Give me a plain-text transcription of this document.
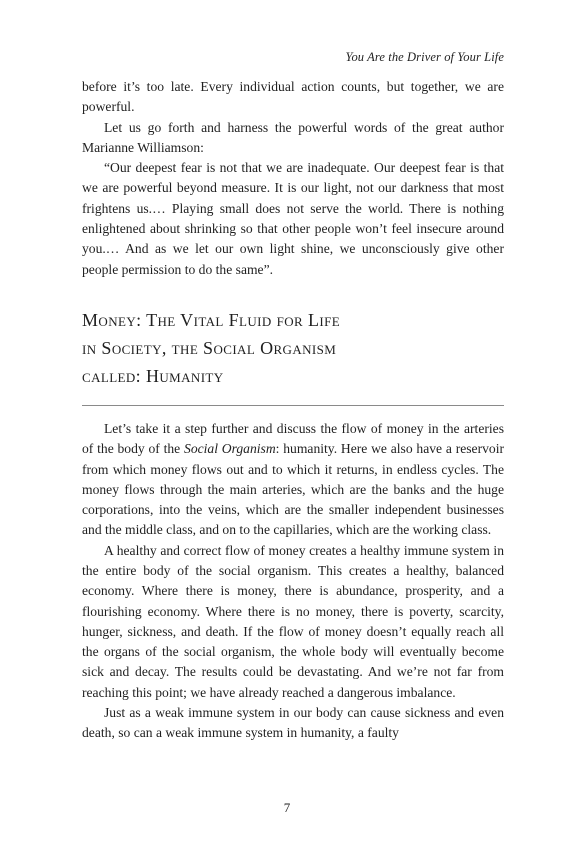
You Are the Driver of Your Life

before it’s too late. Every individual action counts, but together, we are powerful.

Let us go forth and harness the powerful words of the great author Marianne Williamson:

“Our deepest fear is not that we are inadequate. Our deepest fear is that we are powerful beyond measure. It is our light, not our darkness that most frightens us.… Playing small does not serve the world. There is nothing enlightened about shrinking so that other people won’t feel insecure around you.… And as we let our own light shine, we unconsciously give other people permission to do the same”.

Money: The Vital Fluid for Life
in Society, the Social Organism
called: Humanity

Let’s take it a step further and discuss the flow of money in the arteries of the body of the Social Organism: humanity. Here we also have a reservoir from which money flows out and to which it returns, in endless cycles. The money flows through the main arteries, which are the banks and the huge corporations, into the veins, which are the smaller independent businesses and the middle class, and on to the capillaries, which are the working class.

A healthy and correct flow of money creates a healthy immune system in the entire body of the social organism. This creates a healthy, balanced economy. Where there is money, there is abundance, prosperity, and a flourishing economy. Where there is no money, there is poverty, scarcity, hunger, sickness, and death. If the flow of money doesn’t equally reach all the organs of the social organism, the whole body will eventually become sick and decay. The results could be devastating. And we’re not far from reaching this point; we have already reached a dangerous imbalance.

Just as a weak immune system in our body can cause sickness and even death, so can a weak immune system in humanity, a faulty

7
